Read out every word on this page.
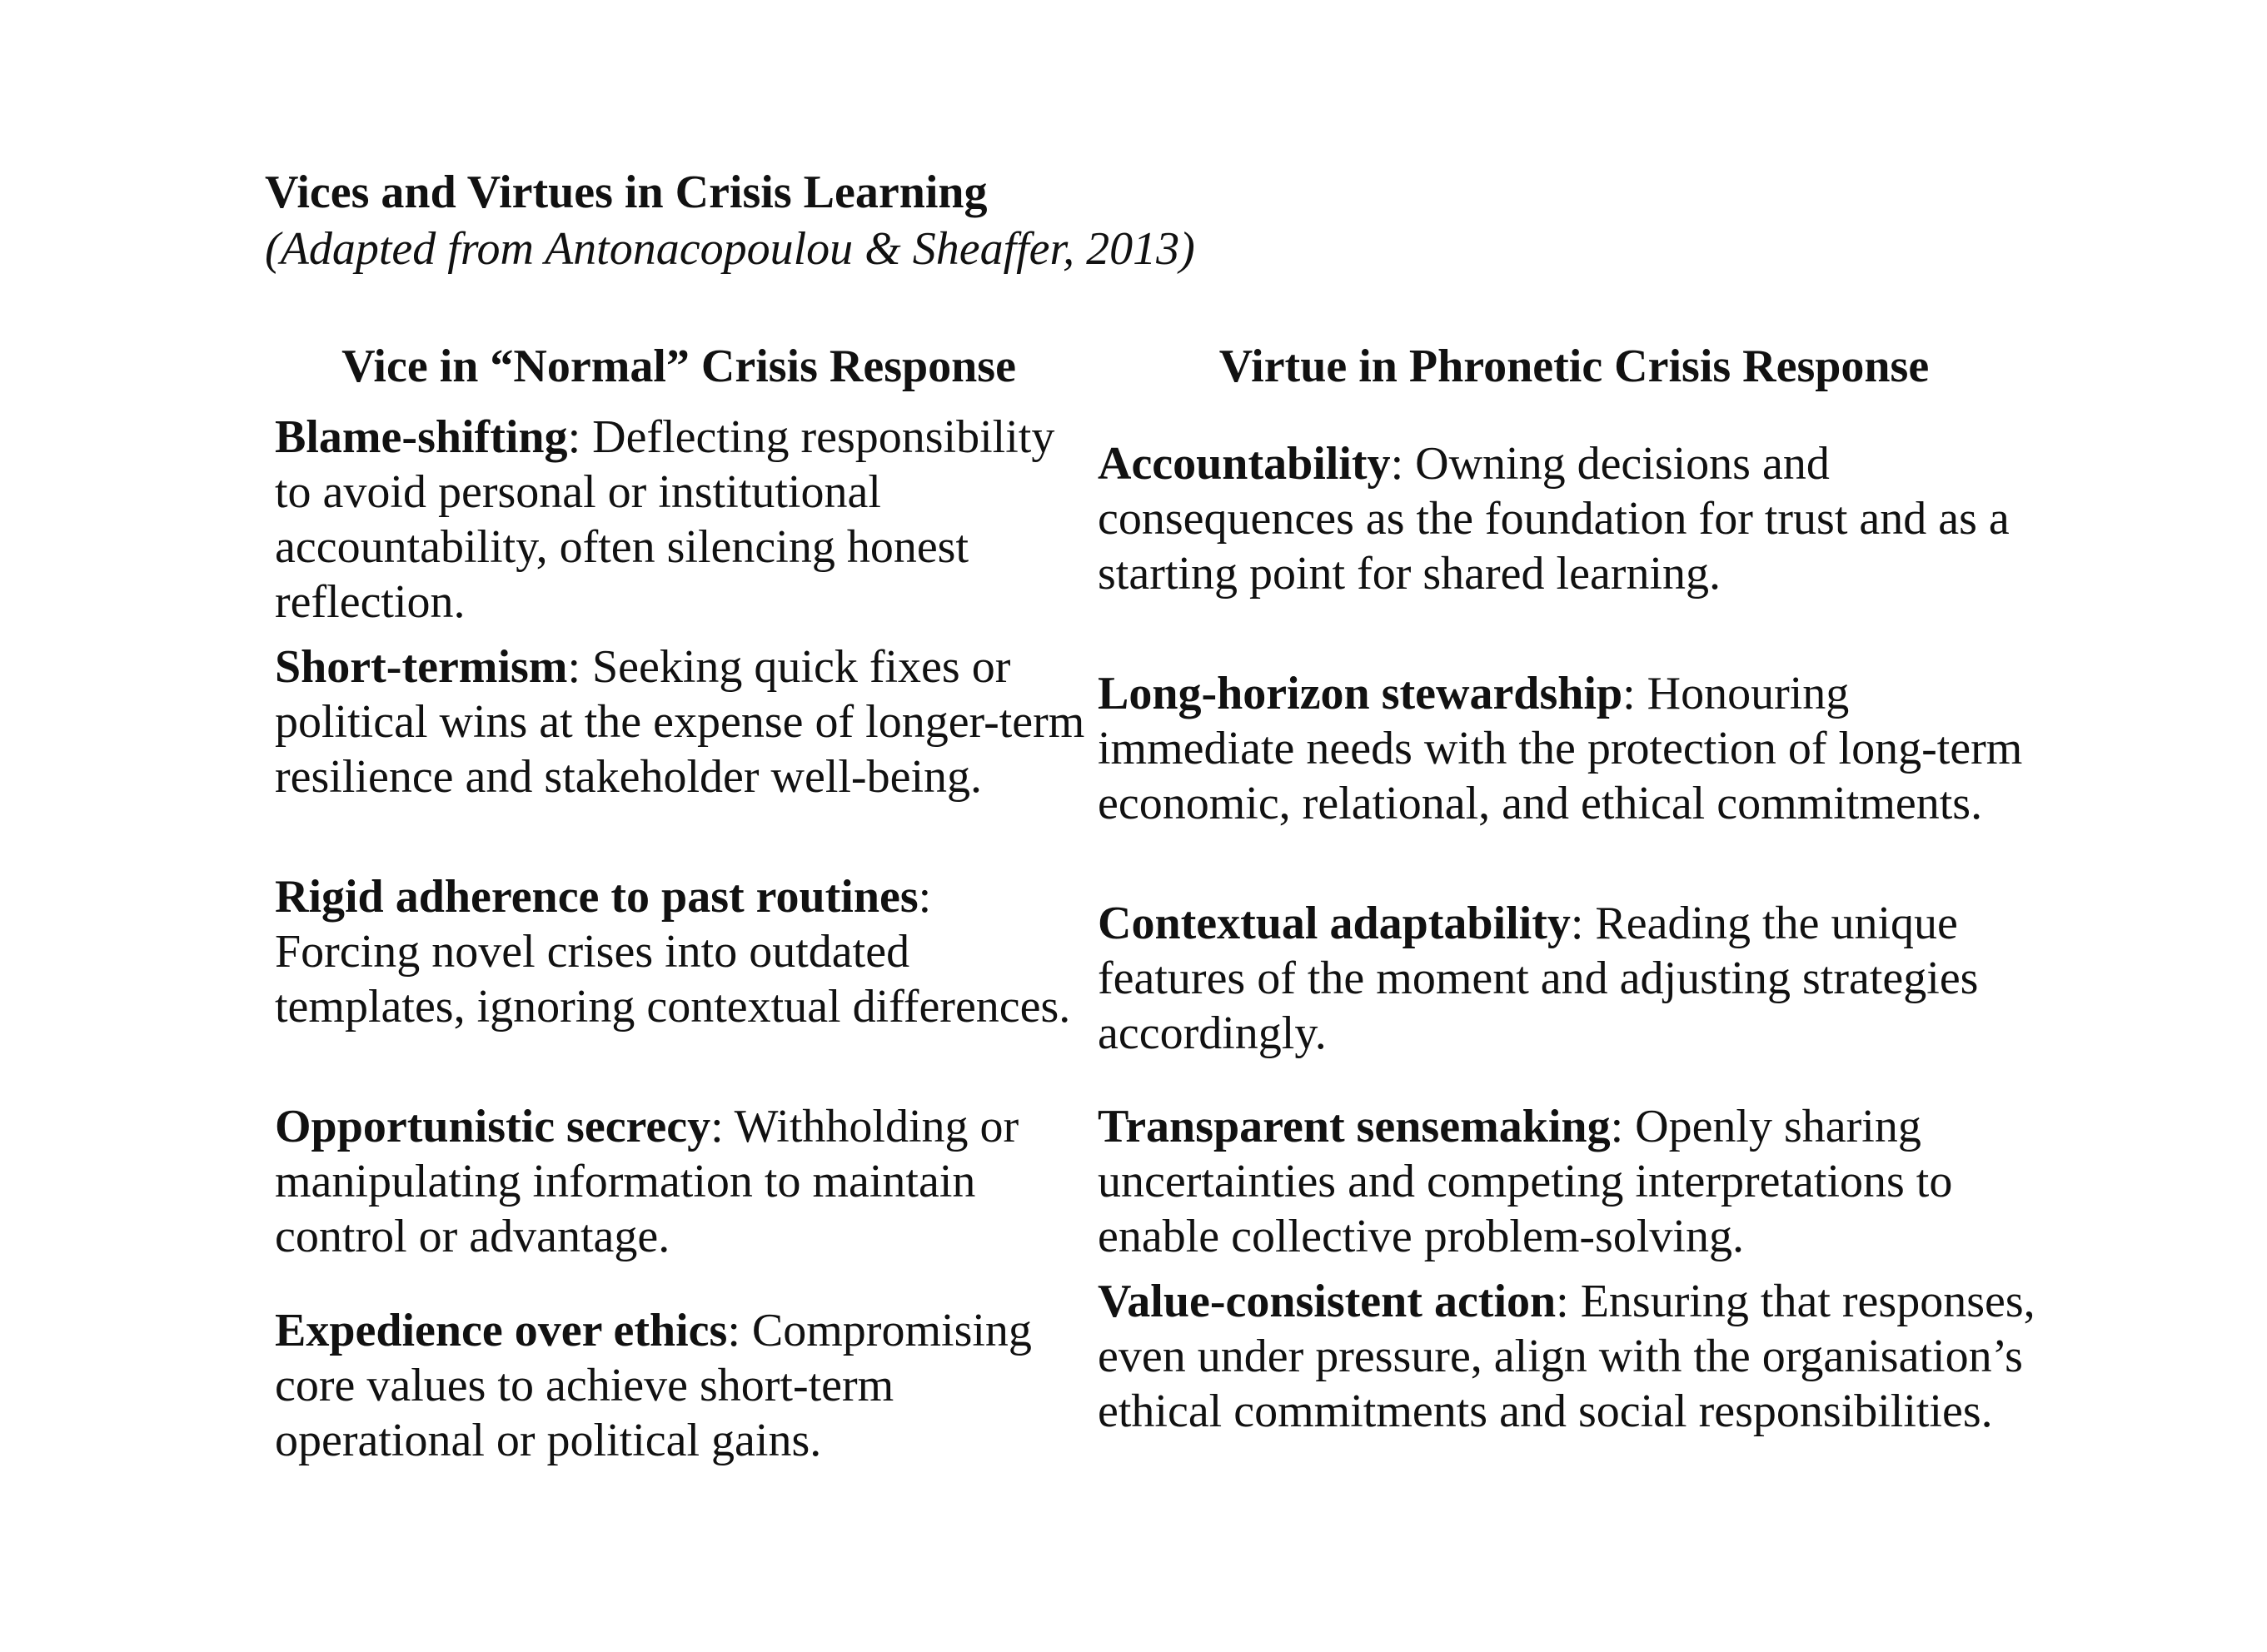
Vices and Virtues in Crisis Learning
(Adapted from Antonacopoulou & Sheaffer, 2013)
Vice in “Normal” Crisis Response	Virtue in Phronetic Crisis Response
Blame-shifting: Deflecting responsibility to avoid personal or institutional accountability, often silencing honest reflection.
Short-termism: Seeking quick fixes or political wins at the expense of longer-term resilience and stakeholder well-being.
Rigid adherence to past routines: Forcing novel crises into outdated templates, ignoring contextual differences.
Opportunistic secrecy: Withholding or manipulating information to maintain control or advantage.
Expedience over ethics: Compromising core values to achieve short-term operational or political gains.
Accountability: Owning decisions and consequences as the foundation for trust and as a starting point for shared learning.
Long-horizon stewardship: Honouring immediate needs with the protection of long-term economic, relational, and ethical commitments.
Contextual adaptability: Reading the unique features of the moment and adjusting strategies accordingly.
Transparent sensemaking: Openly sharing uncertainties and competing interpretations to enable collective problem-solving.
Value-consistent action: Ensuring that responses, even under pressure, align with the organisation’s ethical commitments and social responsibilities.
